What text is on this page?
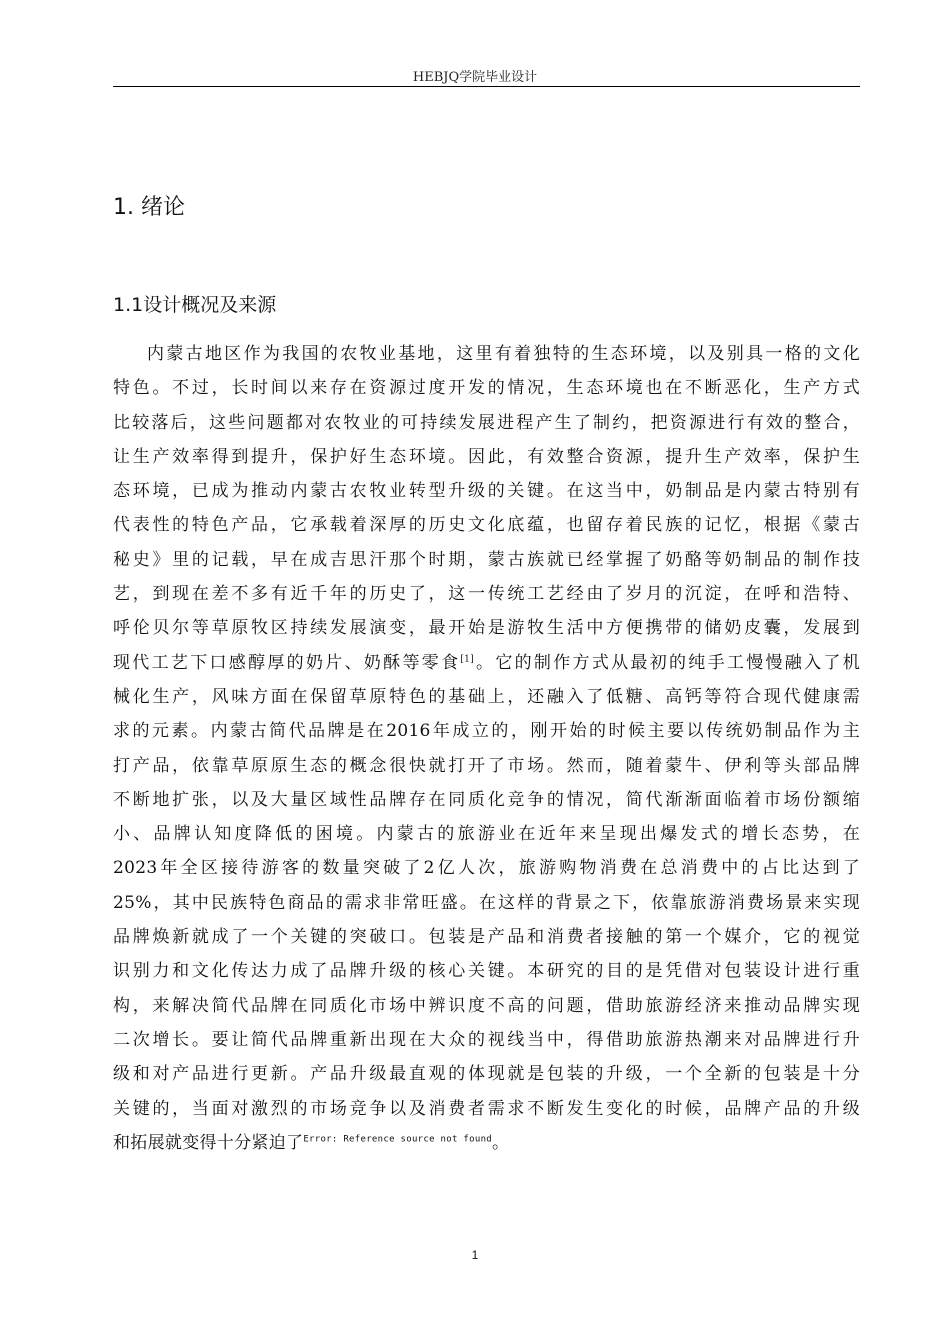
HEBJQ学院毕业设计
1. 绪论
1.1设计概况及来源
内蒙古地区作为我国的农牧业基地，这里有着独特的生态环境，以及别具一格的文化
特色。不过，长时间以来存在资源过度开发的情况，生态环境也在不断恶化，生产方式
比较落后，这些问题都对农牧业的可持续发展进程产生了制约，把资源进行有效的整合，
让生产效率得到提升，保护好生态环境。因此，有效整合资源，提升生产效率，保护生
态环境，已成为推动内蒙古农牧业转型升级的关键。在这当中，奶制品是内蒙古特别有
代表性的特色产品，它承载着深厚的历史文化底蕴，也留存着民族的记忆，根据《蒙古
秘史》里的记载，早在成吉思汗那个时期，蒙古族就已经掌握了奶酪等奶制品的制作技
艺，到现在差不多有近千年的历史了，这一传统工艺经由了岁月的沉淀，在呼和浩特、
呼伦贝尔等草原牧区持续发展演变，最开始是游牧生活中方便携带的储奶皮囊，发展到
现代工艺下口感醇厚的奶片、奶酥等零食[1]。它的制作方式从最初的纯手工慢慢融入了机
械化生产，风味方面在保留草原特色的基础上，还融入了低糖、高钙等符合现代健康需
求的元素。内蒙古简代品牌是在2016年成立的，刚开始的时候主要以传统奶制品作为主
打产品，依靠草原原生态的概念很快就打开了市场。然而，随着蒙牛、伊利等头部品牌
不断地扩张，以及大量区域性品牌存在同质化竞争的情况，简代渐渐面临着市场份额缩
小、品牌认知度降低的困境。内蒙古的旅游业在近年来呈现出爆发式的增长态势，在
2023年全区接待游客的数量突破了2亿人次，旅游购物消费在总消费中的占比达到了
25%，其中民族特色商品的需求非常旺盛。在这样的背景之下，依靠旅游消费场景来实现
品牌焕新就成了一个关键的突破口。包装是产品和消费者接触的第一个媒介，它的视觉
识别力和文化传达力成了品牌升级的核心关键。本研究的目的是凭借对包装设计进行重
构，来解决简代品牌在同质化市场中辨识度不高的问题，借助旅游经济来推动品牌实现
二次增长。要让简代品牌重新出现在大众的视线当中，得借助旅游热潮来对品牌进行升
级和对产品进行更新。产品升级最直观的体现就是包装的升级，一个全新的包装是十分
关键的，当面对激烈的市场竞争以及消费者需求不断发生变化的时候，品牌产品的升级
和拓展就变得十分紧迫了$^{Error: Reference source not found}$。
1
